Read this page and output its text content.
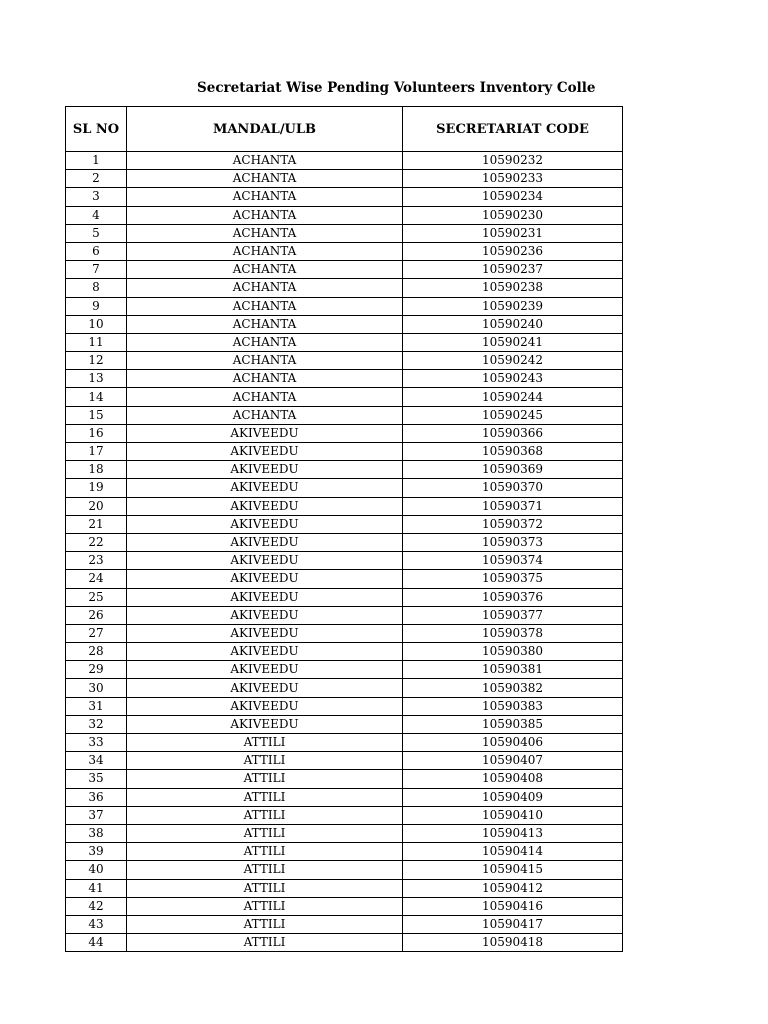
Secretariat Wise Pending Volunteers Inventory Colle
SL NO	MANDAL/ULB	SECRETARIAT CODE
1	ACHANTA	10590232
2	ACHANTA	10590233
3	ACHANTA	10590234
4	ACHANTA	10590230
5	ACHANTA	10590231
6	ACHANTA	10590236
7	ACHANTA	10590237
8	ACHANTA	10590238
9	ACHANTA	10590239
10	ACHANTA	10590240
11	ACHANTA	10590241
12	ACHANTA	10590242
13	ACHANTA	10590243
14	ACHANTA	10590244
15	ACHANTA	10590245
16	AKIVEEDU	10590366
17	AKIVEEDU	10590368
18	AKIVEEDU	10590369
19	AKIVEEDU	10590370
20	AKIVEEDU	10590371
21	AKIVEEDU	10590372
22	AKIVEEDU	10590373
23	AKIVEEDU	10590374
24	AKIVEEDU	10590375
25	AKIVEEDU	10590376
26	AKIVEEDU	10590377
27	AKIVEEDU	10590378
28	AKIVEEDU	10590380
29	AKIVEEDU	10590381
30	AKIVEEDU	10590382
31	AKIVEEDU	10590383
32	AKIVEEDU	10590385
33	ATTILI	10590406
34	ATTILI	10590407
35	ATTILI	10590408
36	ATTILI	10590409
37	ATTILI	10590410
38	ATTILI	10590413
39	ATTILI	10590414
40	ATTILI	10590415
41	ATTILI	10590412
42	ATTILI	10590416
43	ATTILI	10590417
44	ATTILI	10590418
